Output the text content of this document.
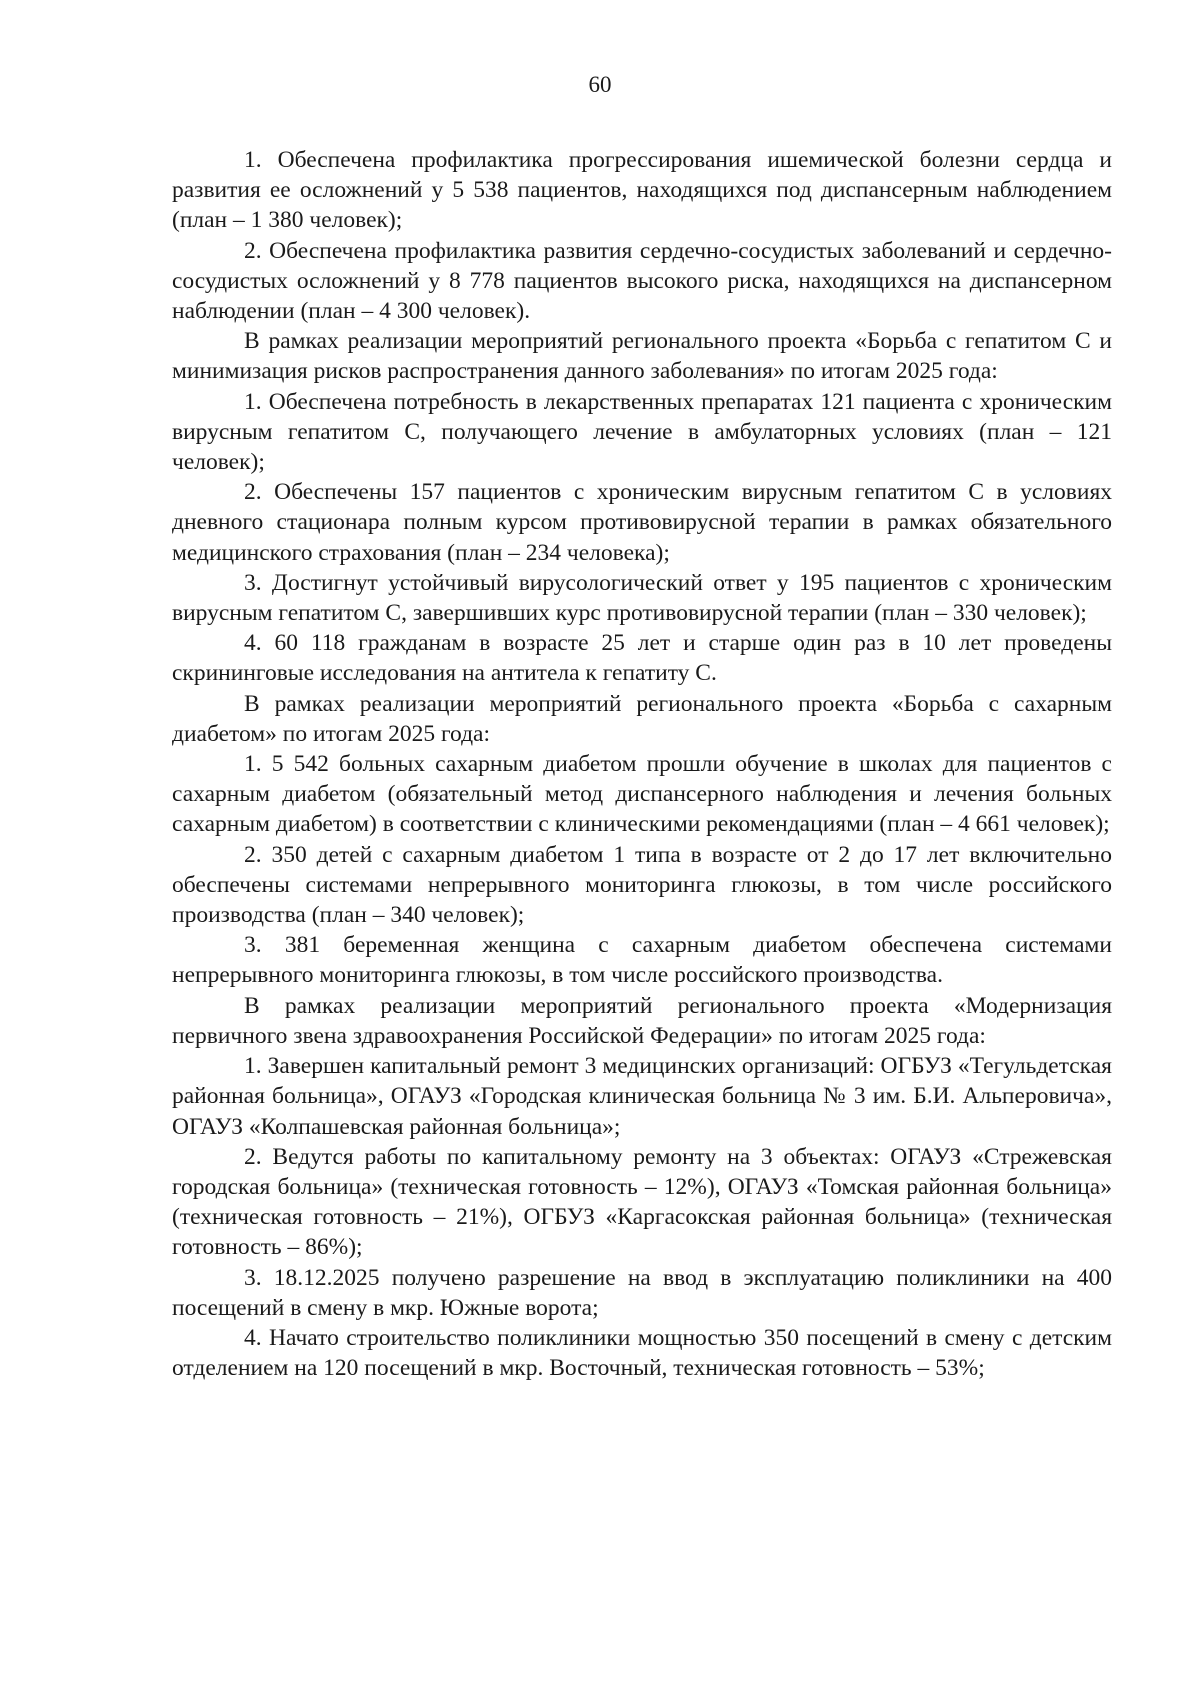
60

1. Обеспечена профилактика прогрессирования ишемической болезни сердца и развития ее осложнений у 5 538 пациентов, находящихся под диспансерным наблюдением (план – 1 380 человек);

2. Обеспечена профилактика развития сердечно-сосудистых заболеваний и сердечно-сосудистых осложнений у 8 778 пациентов высокого риска, находящихся на диспансерном наблюдении (план – 4 300 человек).

В рамках реализации мероприятий регионального проекта «Борьба с гепатитом С и минимизация рисков распространения данного заболевания» по итогам 2025 года:

1. Обеспечена потребность в лекарственных препаратах 121 пациента с хроническим вирусным гепатитом С, получающего лечение в амбулаторных условиях (план – 121 человек);

2. Обеспечены 157 пациентов с хроническим вирусным гепатитом С в условиях дневного стационара полным курсом противовирусной терапии в рамках обязательного медицинского страхования (план – 234 человека);

3. Достигнут устойчивый вирусологический ответ у 195 пациентов с хроническим вирусным гепатитом С, завершивших курс противовирусной терапии (план – 330 человек);

4. 60 118 гражданам в возрасте 25 лет и старше один раз в 10 лет проведены скрининговые исследования на антитела к гепатиту С.

В рамках реализации мероприятий регионального проекта «Борьба с сахарным диабетом» по итогам 2025 года:

1. 5 542 больных сахарным диабетом прошли обучение в школах для пациентов с сахарным диабетом (обязательный метод диспансерного наблюдения и лечения больных сахарным диабетом) в соответствии с клиническими рекомендациями (план – 4 661 человек);

2. 350 детей с сахарным диабетом 1 типа в возрасте от 2 до 17 лет включительно обеспечены системами непрерывного мониторинга глюкозы, в том числе российского производства (план – 340 человек);

3. 381 беременная женщина с сахарным диабетом обеспечена системами непрерывного мониторинга глюкозы, в том числе российского производства.

В рамках реализации мероприятий регионального проекта «Модернизация первичного звена здравоохранения Российской Федерации» по итогам 2025 года:

1. Завершен капитальный ремонт 3 медицинских организаций: ОГБУЗ «Тегульдетская районная больница», ОГАУЗ «Городская клиническая больница № 3 им. Б.И. Альперовича», ОГАУЗ «Колпашевская районная больница»;

2. Ведутся работы по капитальному ремонту на 3 объектах: ОГАУЗ «Стрежевская городская больница» (техническая готовность – 12%), ОГАУЗ «Томская районная больница» (техническая готовность – 21%), ОГБУЗ «Каргасокская районная больница» (техническая готовность – 86%);

3. 18.12.2025 получено разрешение на ввод в эксплуатацию поликлиники на 400 посещений в смену в мкр. Южные ворота;

4. Начато строительство поликлиники мощностью 350 посещений в смену с детским отделением на 120 посещений в мкр. Восточный, техническая готовность – 53%;
